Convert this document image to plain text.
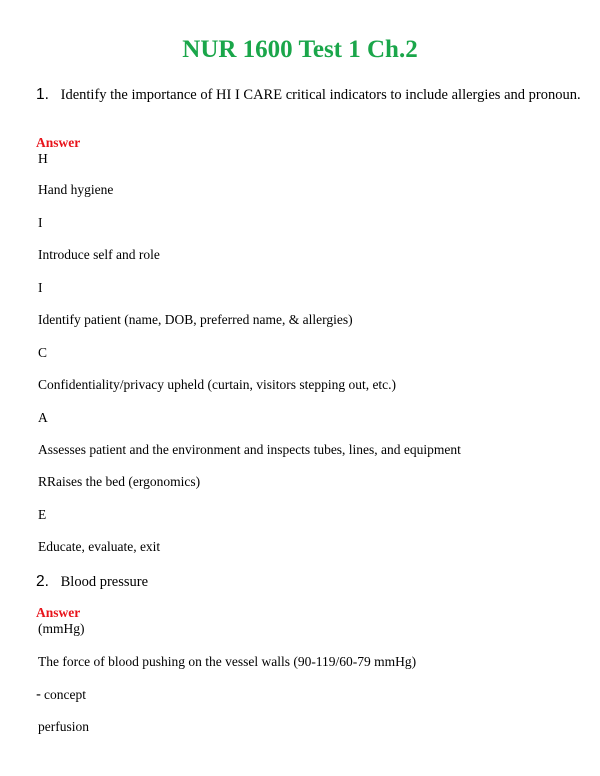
NUR 1600 Test 1 Ch.2
1. Identify the importance of HI I CARE critical indicators to include allergies and pronoun.
Answer
H
Hand hygiene
I
Introduce self and role
I
Identify patient (name, DOB, preferred name, & allergies)
C
Confidentiality/privacy upheld (curtain, visitors stepping out, etc.)
A
Assesses patient and the environment and inspects tubes, lines, and equipment
RRaises the bed (ergonomics)
E
Educate, evaluate, exit
2. Blood pressure
Answer
(mmHg)
The force of blood pushing on the vessel walls (90-119/60-79 mmHg)
- concept
perfusion
